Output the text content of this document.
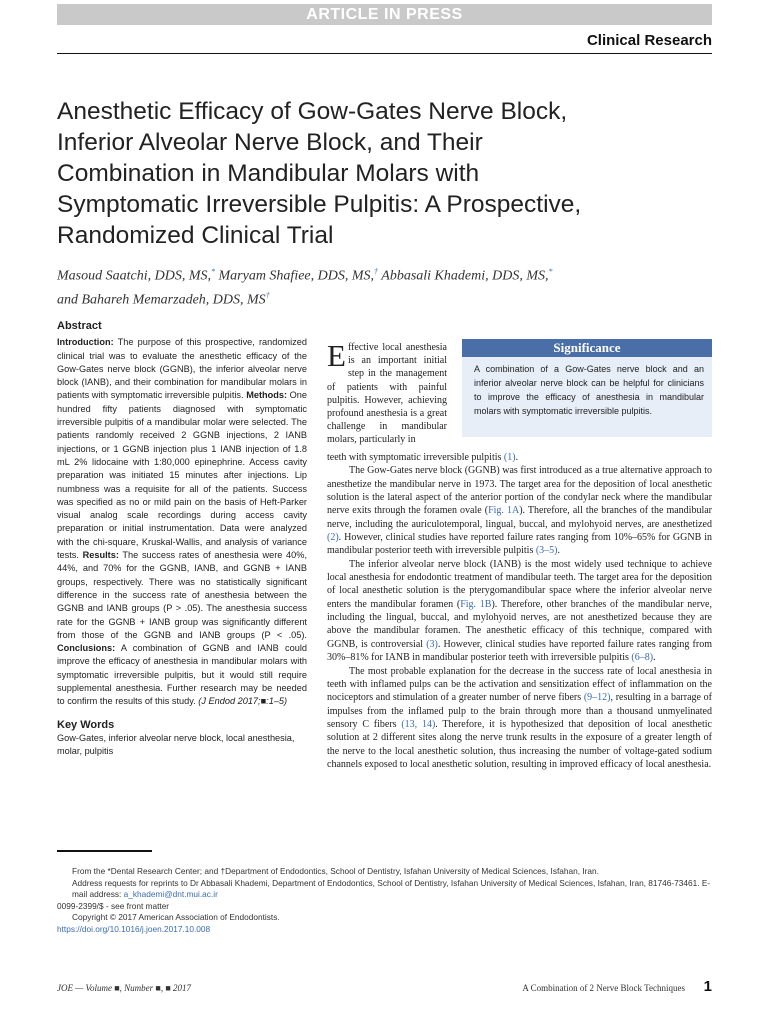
ARTICLE IN PRESS
Clinical Research
Anesthetic Efficacy of Gow-Gates Nerve Block,
Inferior Alveolar Nerve Block, and Their
Combination in Mandibular Molars with
Symptomatic Irreversible Pulpitis: A Prospective,
Randomized Clinical Trial
Masoud Saatchi, DDS, MS,* Maryam Shafiee, DDS, MS,† Abbasali Khademi, DDS, MS,*
and Bahareh Memarzadeh, DDS, MS†
Abstract

Introduction: The purpose of this prospective, randomized clinical trial was to evaluate the anesthetic efficacy of the Gow-Gates nerve block (GGNB), the inferior alveolar nerve block (IANB), and their combination for mandibular molars in patients with symptomatic irreversible pulpitis. Methods: One hundred fifty patients diagnosed with symptomatic irreversible pulpitis of a mandibular molar were selected. The patients randomly received 2 GGNB injections, 2 IANB injections, or 1 GGNB injection plus 1 IANB injection of 1.8 mL 2% lidocaine with 1:80,000 epinephrine. Access cavity preparation was initiated 15 minutes after injections. Lip numbness was a requisite for all of the patients. Success was specified as no or mild pain on the basis of Heft-Parker visual analog scale recordings during access cavity preparation or initial instrumentation. Data were analyzed with the chi-square, Kruskal-Wallis, and analysis of variance tests. Results: The success rates of anesthesia were 40%, 44%, and 70% for the GGNB, IANB, and GGNB + IANB groups, respectively. There was no statistically significant difference in the success rate of anesthesia between the GGNB and IANB groups (P > .05). The anesthesia success rate for the GGNB + IANB group was significantly different from those of the GGNB and IANB groups (P < .05). Conclusions: A combination of GGNB and IANB could improve the efficacy of anesthesia in mandibular molars with symptomatic irreversible pulpitis, but it would still require supplemental anesthesia. Further research may be needed to confirm the results of this study. (J Endod 2017;■:1–5)

Key Words

Gow-Gates, inferior alveolar nerve block, local anesthesia, molar, pulpitis

Effective local anesthesia is an important initial step in the management of patients with painful pulpitis. However, achieving profound anesthesia is a great challenge in mandibular molars, particularly in
Significance
A combination of a Gow-Gates nerve block and an inferior alveolar nerve block can be helpful for clinicians to improve the efficacy of anesthesia in mandibular molars with symptomatic irreversible pulpitis.

teeth with symptomatic irreversible pulpitis (1).

The Gow-Gates nerve block (GGNB) was first introduced as a true alternative approach to anesthetize the mandibular nerve in 1973. The target area for the deposition of local anesthetic solution is the lateral aspect of the anterior portion of the condylar neck where the mandibular nerve exits through the foramen ovale (Fig. 1A). Therefore, all the branches of the mandibular nerve, including the auriculotemporal, lingual, buccal, and mylohyoid nerves, are anesthetized (2). However, clinical studies have reported failure rates ranging from 10%–65% for GGNB in mandibular posterior teeth with irreversible pulpitis (3–5).

The inferior alveolar nerve block (IANB) is the most widely used technique to achieve local anesthesia for endodontic treatment of mandibular teeth. The target area for the deposition of local anesthetic solution is the pterygomandibular space where the inferior alveolar nerve enters the mandibular foramen (Fig. 1B). Therefore, other branches of the mandibular nerve, including the lingual, buccal, and mylohyoid nerves, are not anesthetized because they are above the mandibular foramen. The anesthetic efficacy of this technique, compared with GGNB, is controversial (3). However, clinical studies have reported failure rates ranging from 30%–81% for IANB in mandibular posterior teeth with irreversible pulpitis (6–8).

The most probable explanation for the decrease in the success rate of local anesthesia in teeth with inflamed pulps can be the activation and sensitization effect of inflammation on the nociceptors and stimulation of a greater number of nerve fibers (9–12), resulting in a barrage of impulses from the inflamed pulp to the brain through more than a thousand unmyelinated sensory C fibers (13, 14). Therefore, it is hypothesized that deposition of local anesthetic solution at 2 different sites along the nerve trunk results in the exposure of a greater length of the nerve to the local anesthetic solution, thus increasing the number of voltage-gated sodium channels exposed to local anesthetic solution, resulting in improved efficacy of local anesthesia.

From the *Dental Research Center; and †Department of Endodontics, School of Dentistry, Isfahan University of Medical Sciences, Isfahan, Iran.
Address requests for reprints to Dr Abbasali Khademi, Department of Endodontics, School of Dentistry, Isfahan University of Medical Sciences, Isfahan, Iran, 81746-73461. E-mail address: a_khademi@dnt.mui.ac.ir
0099-2399/$ - see front matter
Copyright © 2017 American Association of Endodontists.
https://doi.org/10.1016/j.joen.2017.10.008
JOE — Volume ■, Number ■, ■ 2017	A Combination of 2 Nerve Block Techniques 1
